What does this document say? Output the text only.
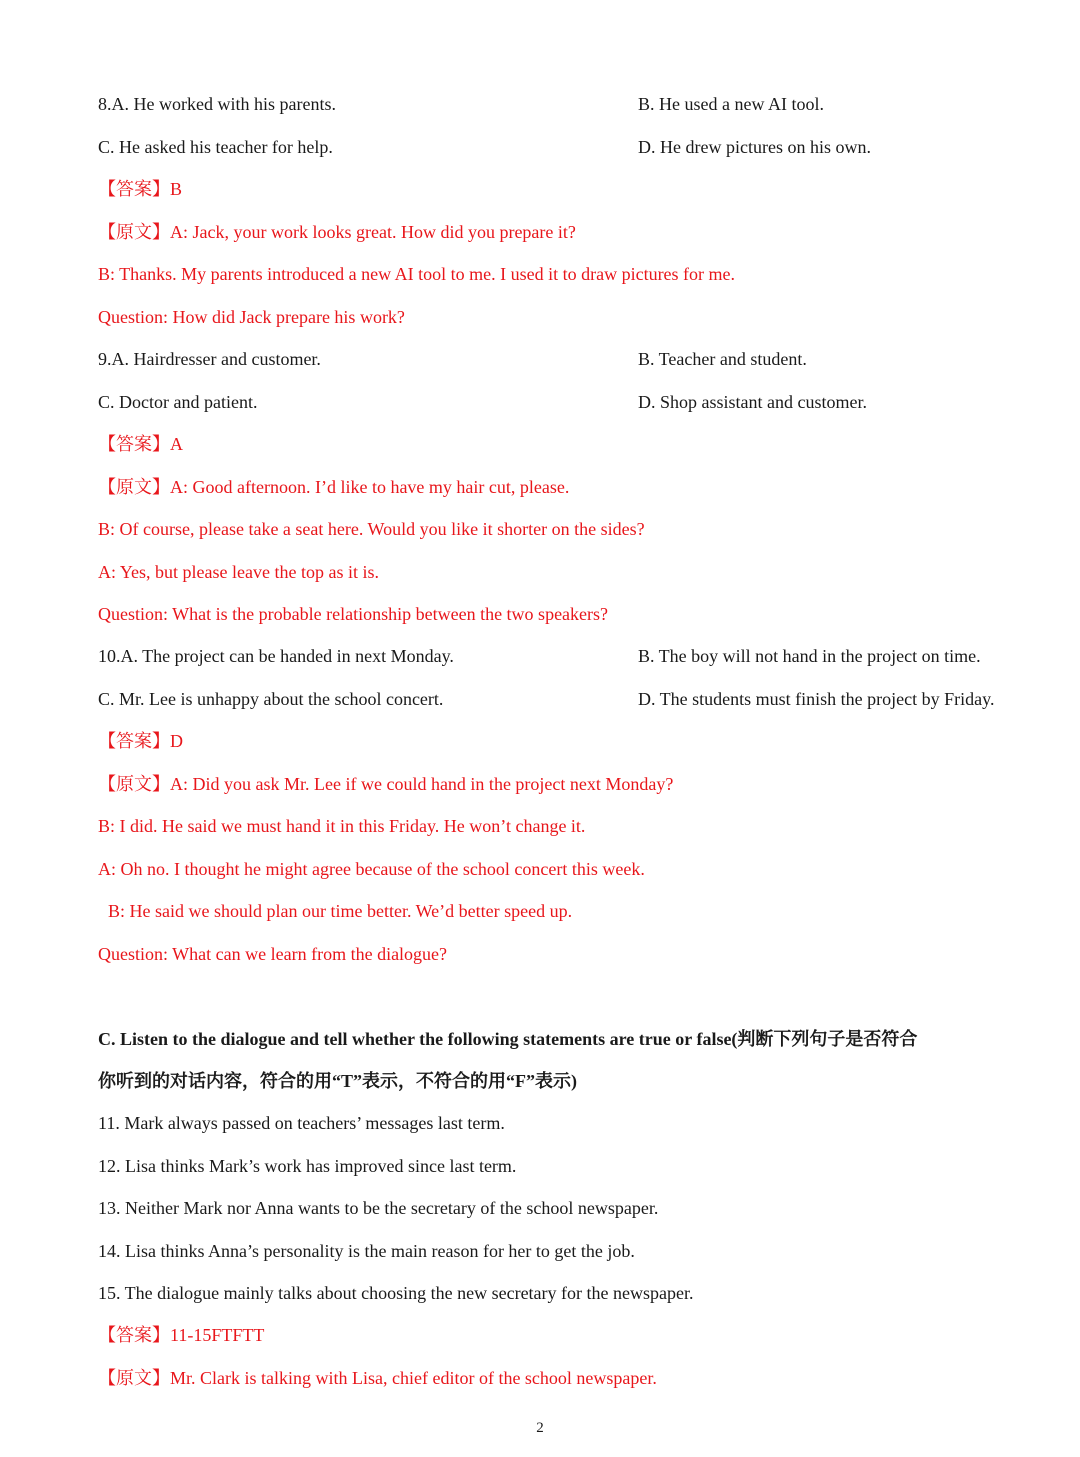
8.A. He worked with his parents.	B. He used a new AI tool.
C. He asked his teacher for help.	D. He drew pictures on his own.
【答案】B
【原文】A: Jack, your work looks great. How did you prepare it?
B: Thanks. My parents introduced a new AI tool to me. I used it to draw pictures for me.
Question: How did Jack prepare his work?
9.A. Hairdresser and customer.	B. Teacher and student.
C. Doctor and patient.	D. Shop assistant and customer.
【答案】A
【原文】A: Good afternoon. I’d like to have my hair cut, please.
B: Of course, please take a seat here. Would you like it shorter on the sides?
A: Yes, but please leave the top as it is.
Question: What is the probable relationship between the two speakers?
10.A. The project can be handed in next Monday.	B. The boy will not hand in the project on time.
C. Mr. Lee is unhappy about the school concert.	D. The students must finish the project by Friday.
【答案】D
【原文】A: Did you ask Mr. Lee if we could hand in the project next Monday?
B: I did. He said we must hand it in this Friday. He won’t change it.
A: Oh no. I thought he might agree because of the school concert this week.
B: He said we should plan our time better. We’d better speed up.
Question: What can we learn from the dialogue?
C. Listen to the dialogue and tell whether the following statements are true or false(判断下列句子是否符合
你听到的对话内容，符合的用“T”表示，不符合的用“F”表示)
11. Mark always passed on teachers’ messages last term.
12. Lisa thinks Mark’s work has improved since last term.
13. Neither Mark nor Anna wants to be the secretary of the school newspaper.
14. Lisa thinks Anna’s personality is the main reason for her to get the job.
15. The dialogue mainly talks about choosing the new secretary for the newspaper.
【答案】11-15FTFTT
【原文】Mr. Clark is talking with Lisa, chief editor of the school newspaper.
2
